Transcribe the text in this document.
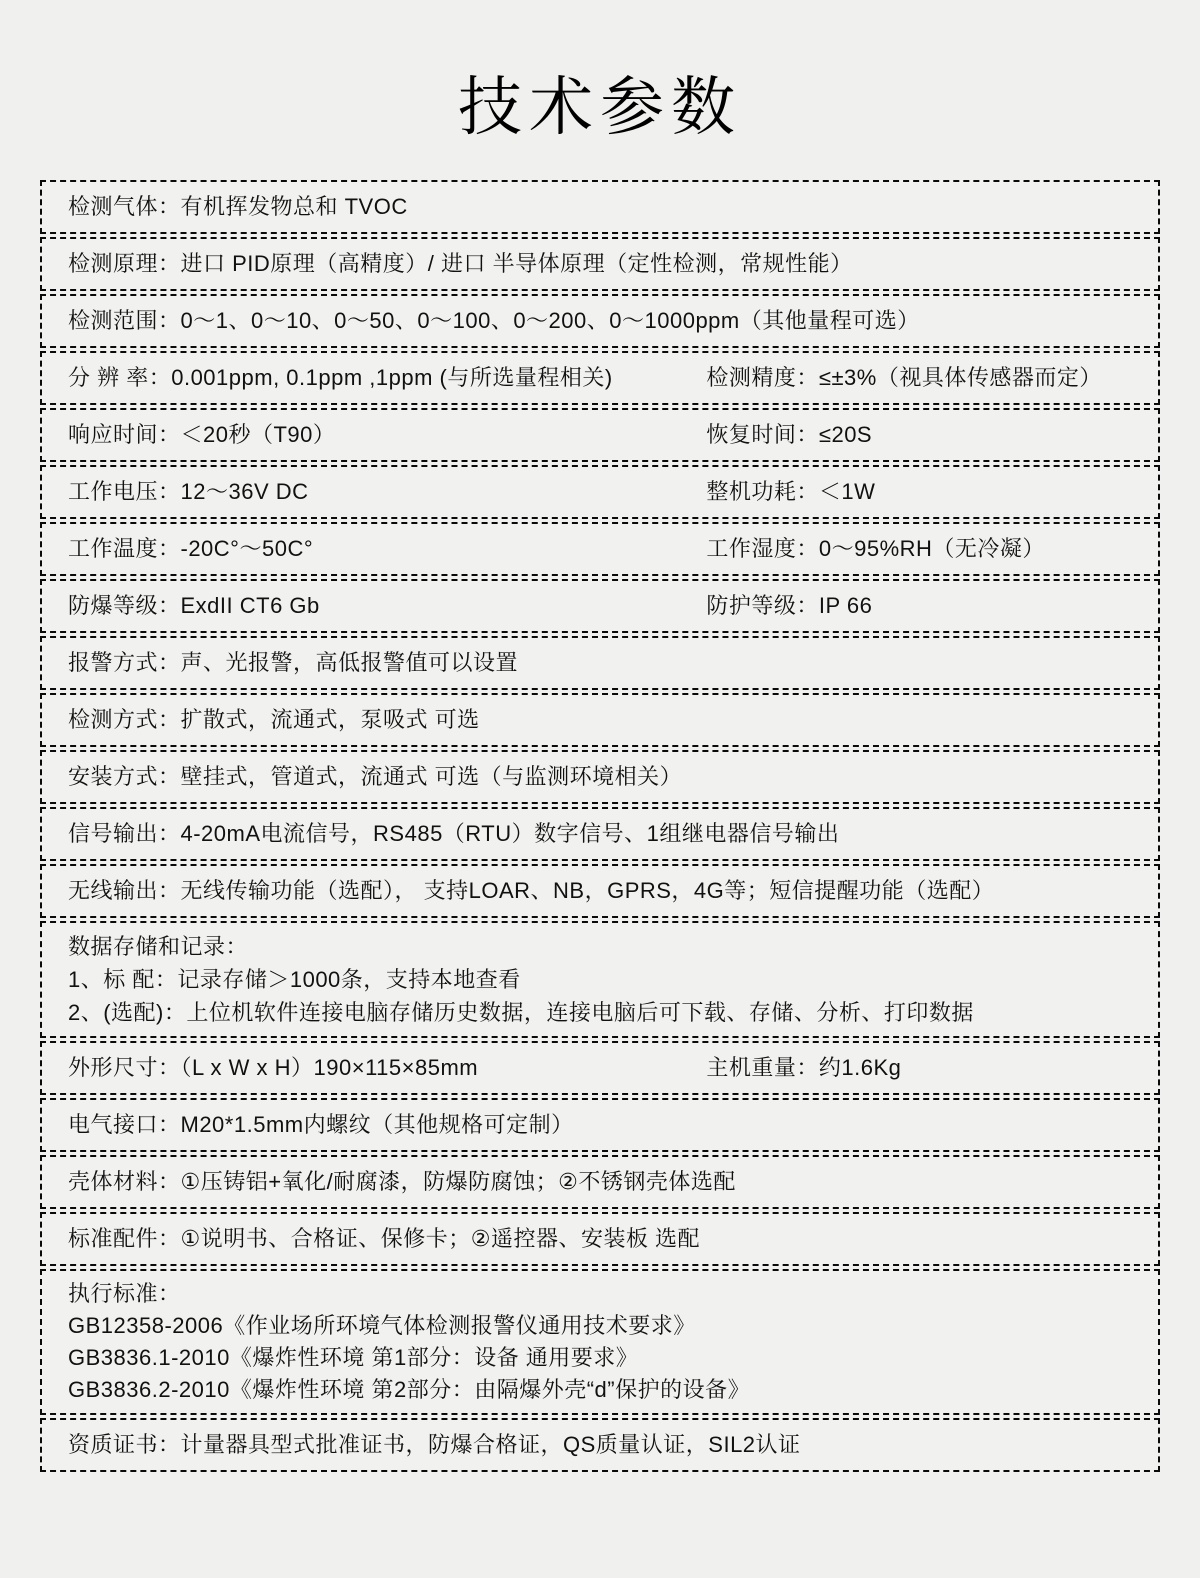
技术参数
检测气体：有机挥发物总和 TVOC
检测原理：进口 PID原理（高精度）/ 进口 半导体原理（定性检测，常规性能）
检测范围：0～1、0～10、0～50、0～100、0～200、0～1000ppm（其他量程可选）
分 辨 率：0.001ppm, 0.1ppm ,1ppm (与所选量程相关)	检测精度：≤±3%（视具体传感器而定）
响应时间：＜20秒（T90）	恢复时间：≤20S
工作电压：12～36V DC	整机功耗：＜1W
工作温度：-20C°～50C°	工作湿度：0～95%RH（无冷凝）
防爆等级：ExdII CT6 Gb	防护等级：IP 66
报警方式：声、光报警，高低报警值可以设置
检测方式：扩散式，流通式，泵吸式 可选
安装方式：壁挂式，管道式，流通式 可选（与监测环境相关）
信号输出：4-20mA电流信号，RS485（RTU）数字信号、1组继电器信号输出
无线输出：无线传输功能（选配）， 支持LOAR、NB，GPRS，4G等；短信提醒功能（选配）
数据存储和记录：
1、标 配：记录存储＞1000条，支持本地查看
2、(选配)：上位机软件连接电脑存储历史数据，连接电脑后可下载、存储、分析、打印数据
外形尺寸：（L x W x H）190×115×85mm	主机重量：约1.6Kg
电气接口：M20*1.5mm内螺纹（其他规格可定制）
壳体材料：①压铸铝+氧化/耐腐漆，防爆防腐蚀；②不锈钢壳体选配
标准配件：①说明书、合格证、保修卡；②遥控器、安装板 选配
执行标准：
GB12358-2006《作业场所环境气体检测报警仪通用技术要求》
GB3836.1-2010《爆炸性环境 第1部分：设备 通用要求》
GB3836.2-2010《爆炸性环境 第2部分：由隔爆外壳“d”保护的设备》
资质证书：计量器具型式批准证书，防爆合格证，QS质量认证，SIL2认证
